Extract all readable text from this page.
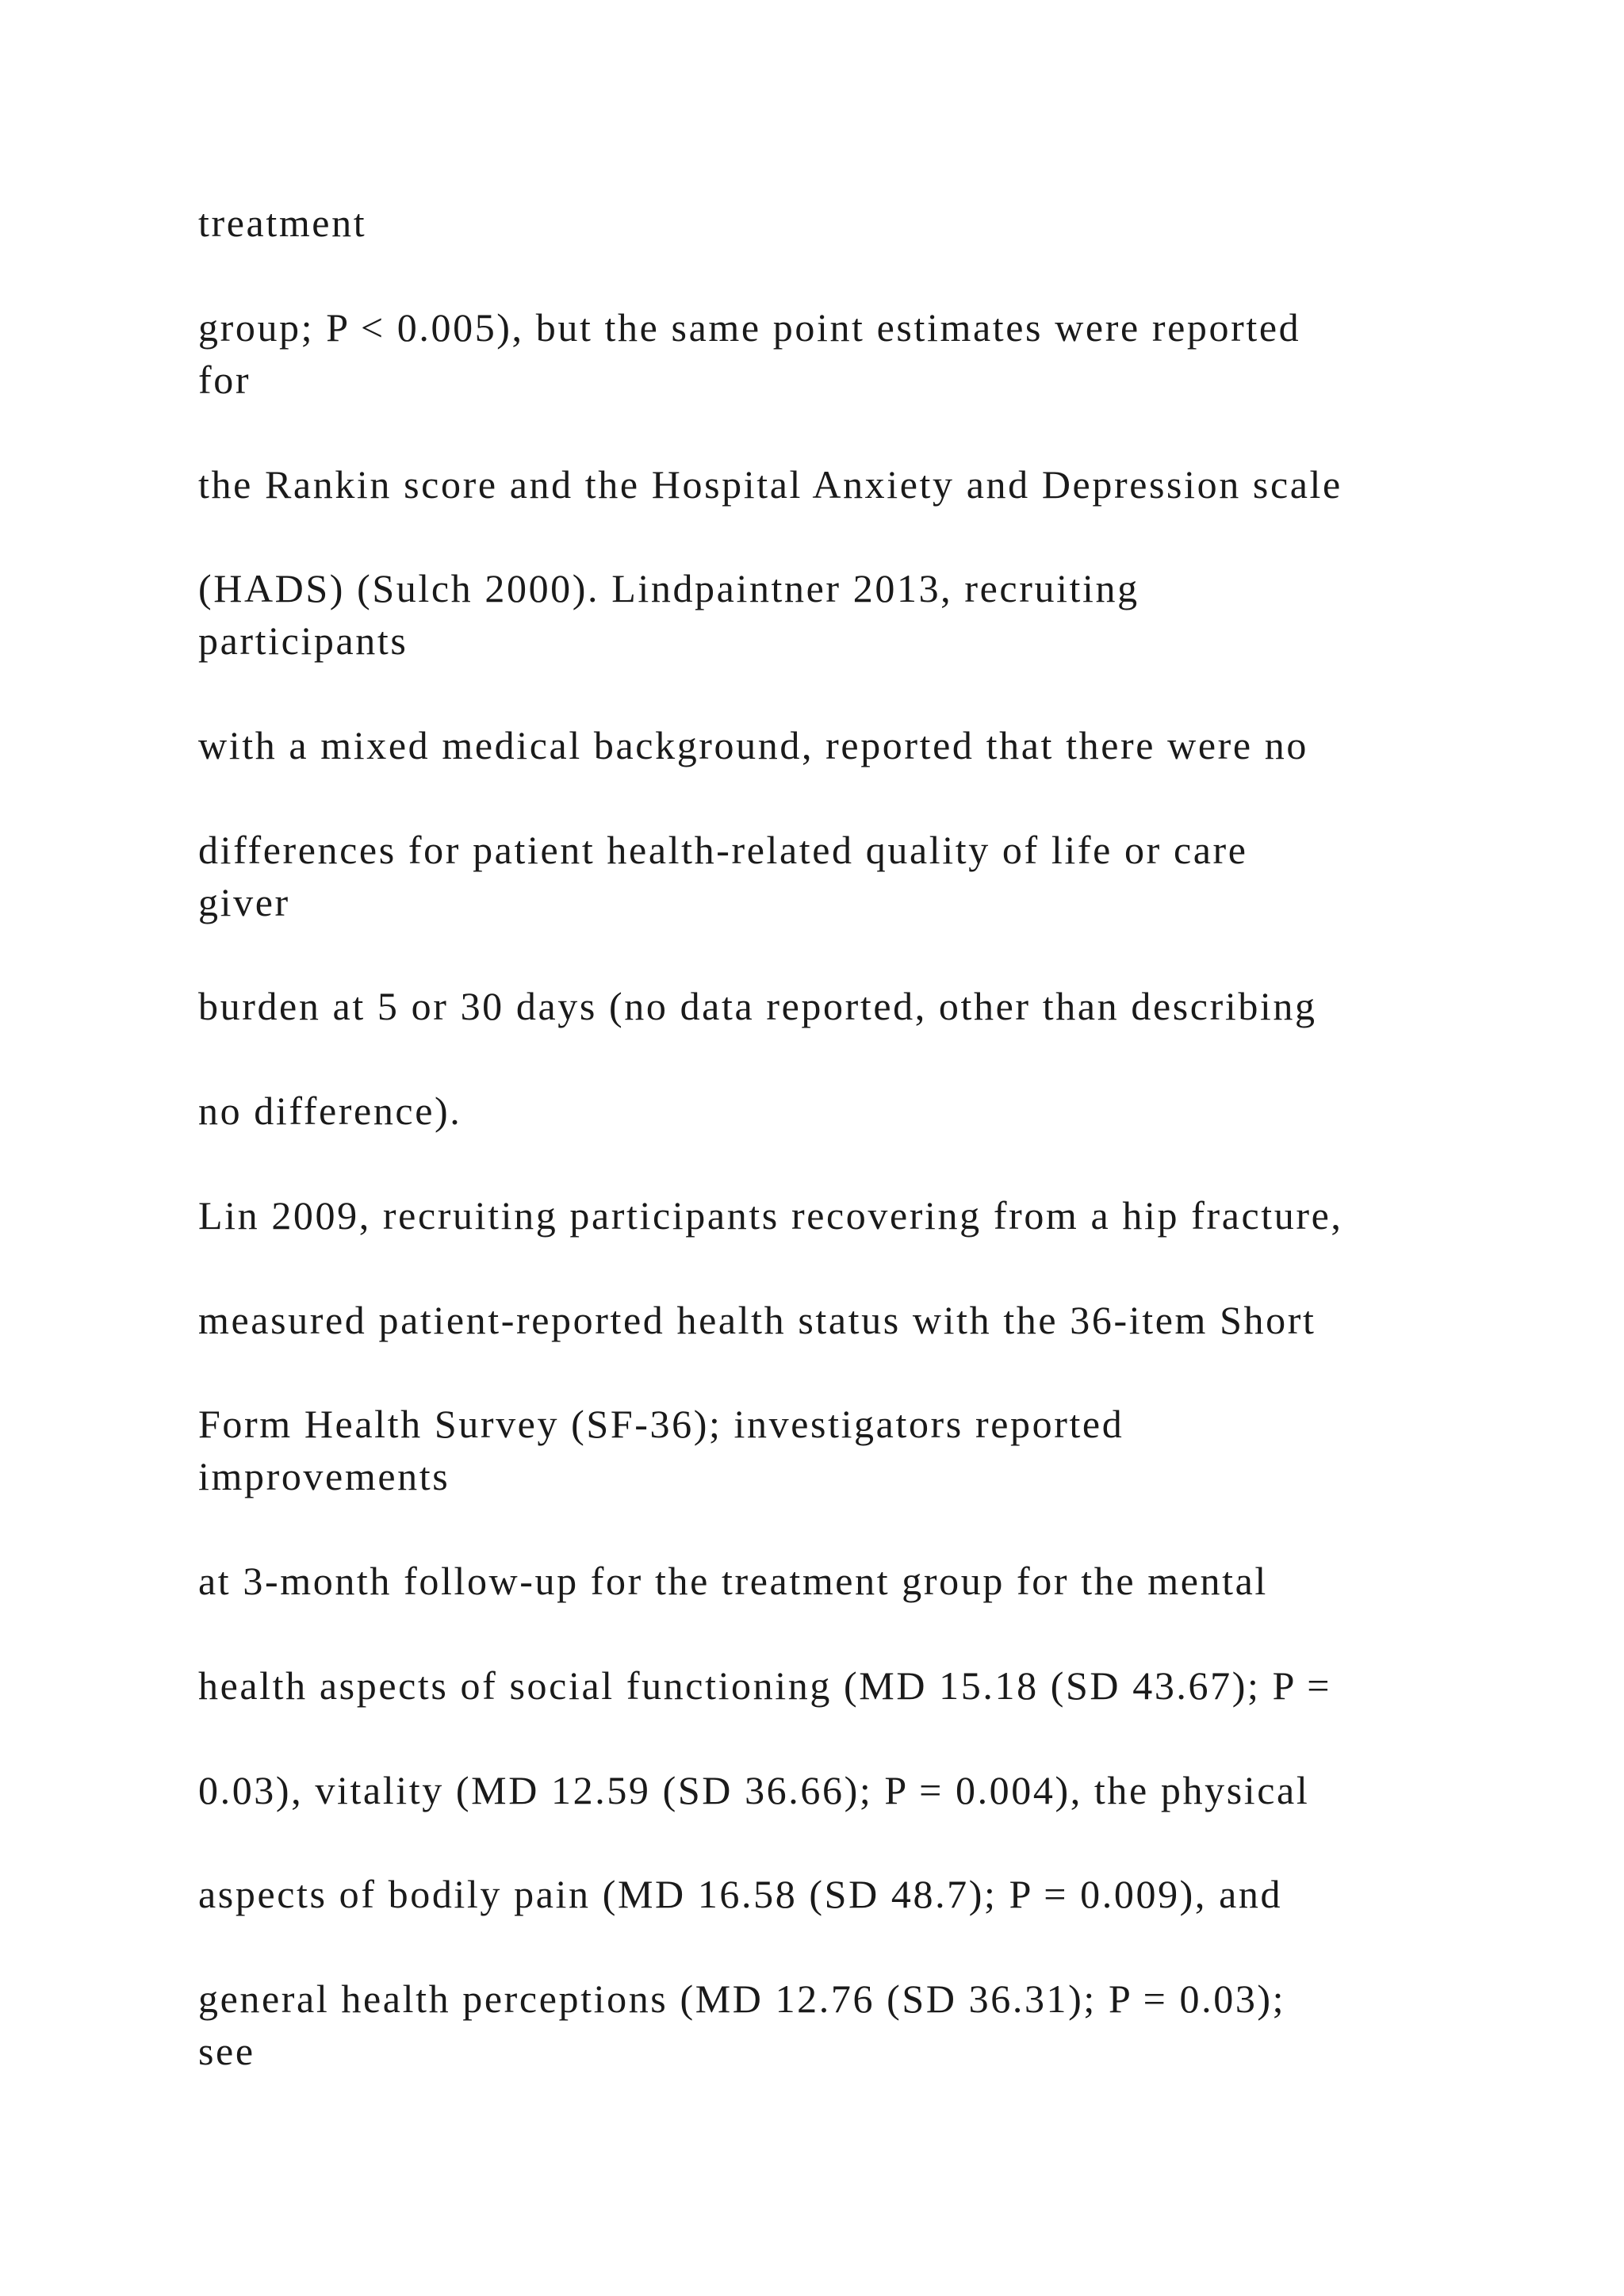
treatment

group; P < 0.005), but the same point estimates were reported

for

the Rankin score and the Hospital Anxiety and Depression scale

(HADS) (Sulch 2000). Lindpaintner 2013, recruiting

participants

with a mixed medical background, reported that there were no

differences for patient health-related quality of life or care

giver

burden at 5 or 30 days (no data reported, other than describing

no difference).

Lin 2009, recruiting participants recovering from a hip fracture,

measured patient-reported health status with the 36-item Short

Form Health Survey (SF-36); investigators reported

improvements

at 3-month follow-up for the treatment group for the mental

health aspects of social functioning (MD 15.18 (SD 43.67); P =

0.03), vitality (MD 12.59 (SD 36.66); P = 0.004), the physical

aspects of bodily pain (MD 16.58 (SD 48.7); P = 0.009), and

general health perceptions (MD 12.76 (SD 36.31); P = 0.03);

see
